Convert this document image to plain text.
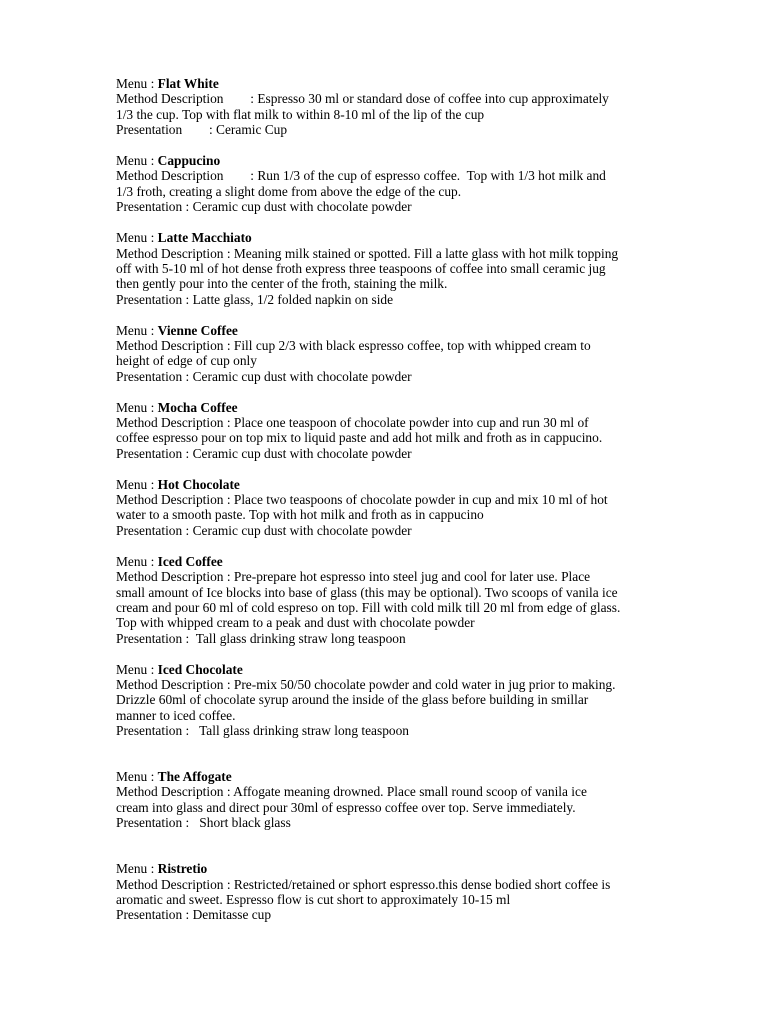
Menu : Flat White
Method Description        : Espresso 30 ml or standard dose of coffee into cup approximately
1/3 the cup. Top with flat milk to within 8-10 ml of the lip of the cup
Presentation        : Ceramic Cup
Menu : Cappucino
Method Description        : Run 1/3 of the cup of espresso coffee.  Top with 1/3 hot milk and
1/3 froth, creating a slight dome from above the edge of the cup.
Presentation : Ceramic cup dust with chocolate powder
Menu : Latte Macchiato
Method Description : Meaning milk stained or spotted. Fill a latte glass with hot milk topping
off with 5-10 ml of hot dense froth express three teaspoons of coffee into small ceramic jug
then gently pour into the center of the froth, staining the milk.
Presentation : Latte glass, 1/2 folded napkin on side
Menu : Vienne Coffee
Method Description : Fill cup 2/3 with black espresso coffee, top with whipped cream to
height of edge of cup only
Presentation : Ceramic cup dust with chocolate powder
Menu : Mocha Coffee
Method Description : Place one teaspoon of chocolate powder into cup and run 30 ml of
coffee espresso pour on top mix to liquid paste and add hot milk and froth as in cappucino.
Presentation : Ceramic cup dust with chocolate powder
Menu : Hot Chocolate
Method Description : Place two teaspoons of chocolate powder in cup and mix 10 ml of hot
water to a smooth paste. Top with hot milk and froth as in cappucino
Presentation : Ceramic cup dust with chocolate powder
Menu : Iced Coffee
Method Description : Pre-prepare hot espresso into steel jug and cool for later use. Place
small amount of Ice blocks into base of glass (this may be optional). Two scoops of vanila ice
cream and pour 60 ml of cold espreso on top. Fill with cold milk till 20 ml from edge of glass.
Top with whipped cream to a peak and dust with chocolate powder
Presentation :  Tall glass drinking straw long teaspoon
Menu : Iced Chocolate
Method Description : Pre-mix 50/50 chocolate powder and cold water in jug prior to making.
Drizzle 60ml of chocolate syrup around the inside of the glass before building in smillar
manner to iced coffee.
Presentation :   Tall glass drinking straw long teaspoon
Menu : The Affogate
Method Description : Affogate meaning drowned. Place small round scoop of vanila ice
cream into glass and direct pour 30ml of espresso coffee over top. Serve immediately.
Presentation :   Short black glass
Menu : Ristretio
Method Description : Restricted/retained or sphort espresso.this dense bodied short coffee is
aromatic and sweet. Espresso flow is cut short to approximately 10-15 ml
Presentation : Demitasse cup
